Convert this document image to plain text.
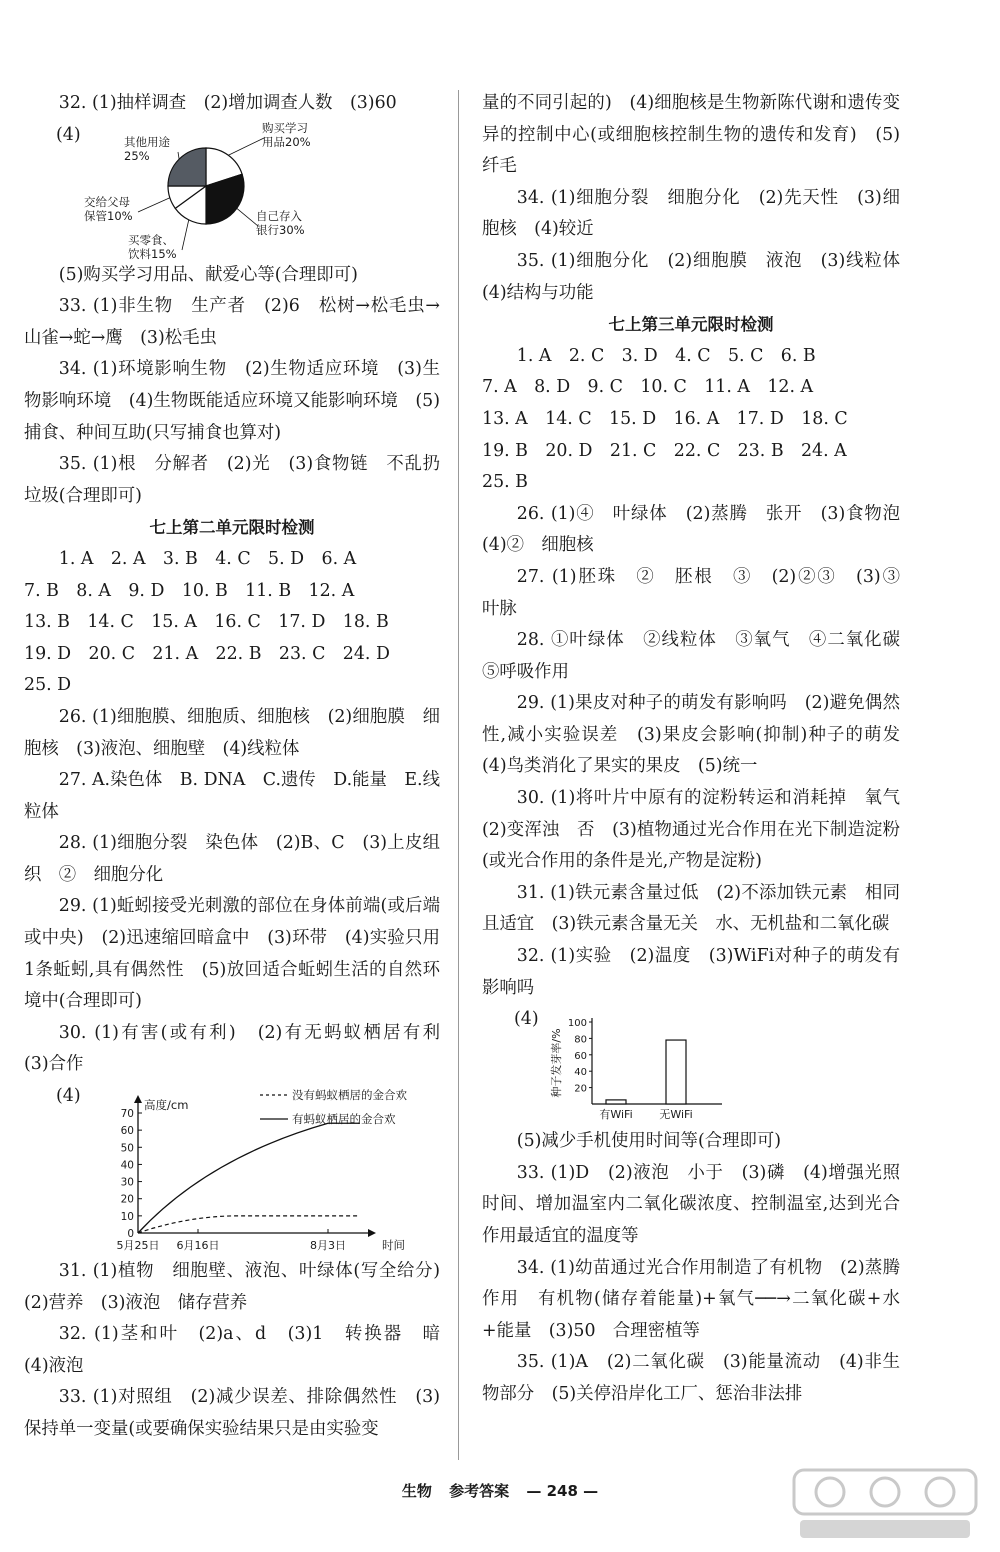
32. (1)抽样调查　(2)增加调查人数　(3)60

(4)	购买学习
用品20%
自己存入
银行30%
买零食、
饮料15%
交给父母
保管10%
其他用途
25%

(5)购买学习用品、献爱心等(合理即可)

33. (1)非生物　生产者　(2)6　松树→松毛虫→山雀→蛇→鹰　(3)松毛虫

34. (1)环境影响生物　(2)生物适应环境　(3)生物影响环境　(4)生物既能适应环境又能影响环境　(5)捕食、种间互助(只写捕食也算对)

35. (1)根　分解者　(2)光　(3)食物链　不乱扔垃圾(合理即可)

七上第二单元限时检测

1. A　2. A　3. B　4. C　5. D　6. A

7. B　8. A　9. D　10. B　11. B　12. A

13. B　14. C　15. A　16. C　17. D　18. B

19. D　20. C　21. A　22. B　23. C　24. D

25. D

26. (1)细胞膜、细胞质、细胞核　(2)细胞膜　细胞核　(3)液泡、细胞壁　(4)线粒体

27. A.染色体　B. DNA　C.遗传　D.能量　E.线粒体

28. (1)细胞分裂　染色体　(2)B、C　(3)上皮组织　②　细胞分化

29. (1)蚯蚓接受光刺激的部位在身体前端(或后端或中央)　(2)迅速缩回暗盒中　(3)环带　(4)实验只用1条蚯蚓,具有偶然性　(5)放回适合蚯蚓生活的自然环境中(合理即可)

30. (1)有害(或有利)　(2)有无蚂蚁栖居有利　(3)合作

(4)
0
10
20
30
40
50
60
70
5月25日 6月16日	8月3日	时间
高度/cm
没有蚂蚁栖居的金合欢
有蚂蚁栖居的金合欢

31. (1)植物　细胞壁、液泡、叶绿体(写全给分)　(2)营养　(3)液泡　储存营养

32. (1)茎和叶　(2)a、d　(3)1　转换器　暗　(4)液泡

33. (1)对照组　(2)减少误差、排除偶然性　(3)保持单一变量(或要确保实验结果只是由实验变

量的不同引起的)　(4)细胞核是生物新陈代谢和遗传变异的控制中心(或细胞核控制生物的遗传和发育)　(5)纤毛

34. (1)细胞分裂　细胞分化　(2)先天性　(3)细胞核　(4)较近

35. (1)细胞分化　(2)细胞膜　液泡　(3)线粒体　(4)结构与功能

七上第三单元限时检测

1. A　2. C　3. D　4. C　5. C　6. B

7. A　8. D　9. C　10. C　11. A　12. A

13. A　14. C　15. D　16. A　17. D　18. C

19. B　20. D　21. C　22. C　23. B　24. A

25. B

26. (1)④　叶绿体　(2)蒸腾　张开　(3)食物泡　(4)②　细胞核

27. (1)胚珠　②　胚根　③　(2)②③　(3)③　叶脉

28. ①叶绿体　②线粒体　③氧气　④二氧化碳　⑤呼吸作用

29. (1)果皮对种子的萌发有影响吗　(2)避免偶然性,减小实验误差　(3)果皮会影响(抑制)种子的萌发　(4)鸟类消化了果实的果皮　(5)统一

30. (1)将叶片中原有的淀粉转运和消耗掉　氧气　(2)变浑浊　否　(3)植物通过光合作用在光下制造淀粉(或光合作用的条件是光,产物是淀粉)

31. (1)铁元素含量过低　(2)不添加铁元素　相同且适宜　(3)铁元素含量无关　水、无机盐和二氧化碳

32. (1)实验　(2)温度　(3)WiFi对种子的萌发有影响吗

(4)
20
40
60
80
100
种子发芽率/%
有WiFi 无WiFi

(5)减少手机使用时间等(合理即可)

33. (1)D　(2)液泡　小于　(3)磷　(4)增强光照时间、增加温室内二氧化碳浓度、控制温室,达到光合作用最适宜的温度等

34. (1)幼苗通过光合作用制造了有机物　(2)蒸腾作用　有机物(储存着能量)+氧气──→二氧化碳+水+能量　(3)50　合理密植等

35. (1)A　(2)二氧化碳　(3)能量流动　(4)非生物部分　(5)关停沿岸化工厂、惩治非法排

生物 参考答案 — 248 —
